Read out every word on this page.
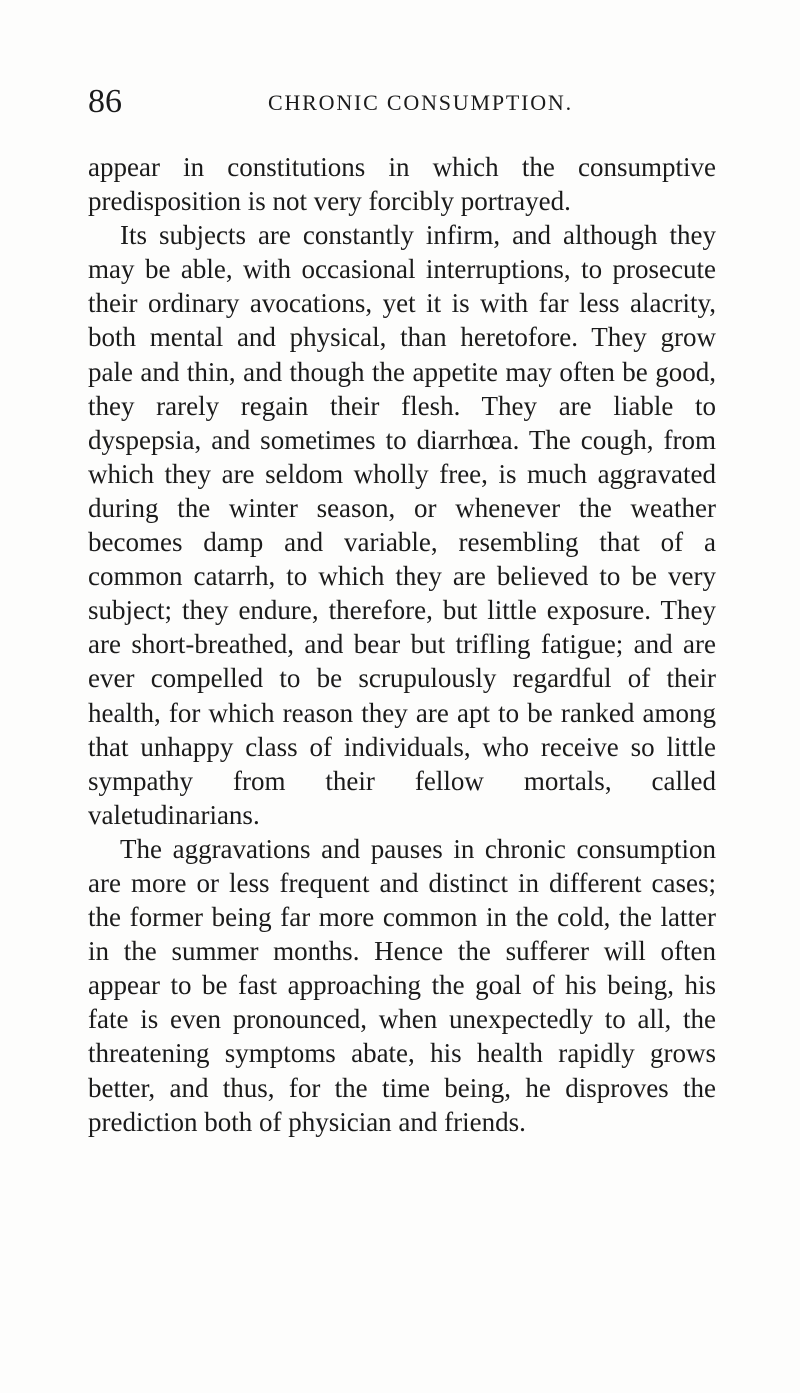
86	CHRONIC CONSUMPTION.

appear in constitutions in which the consumptive predisposition is not very forcibly portrayed.

Its subjects are constantly infirm, and although they may be able, with occasional interruptions, to prosecute their ordinary avocations, yet it is with far less alacrity, both mental and physical, than heretofore. They grow pale and thin, and though the appetite may often be good, they rarely regain their flesh. They are liable to dyspepsia, and sometimes to diarrhœa. The cough, from which they are seldom wholly free, is much aggravated during the winter season, or whenever the weather becomes damp and variable, resembling that of a common catarrh, to which they are believed to be very subject; they endure, therefore, but little exposure. They are short-breathed, and bear but trifling fatigue; and are ever compelled to be scrupulously regardful of their health, for which reason they are apt to be ranked among that unhappy class of individuals, who receive so little sympathy from their fellow mortals, called valetudinarians.

The aggravations and pauses in chronic consumption are more or less frequent and distinct in different cases; the former being far more common in the cold, the latter in the summer months. Hence the sufferer will often appear to be fast approaching the goal of his being, his fate is even pronounced, when unexpectedly to all, the threatening symptoms abate, his health rapidly grows better, and thus, for the time being, he disproves the prediction both of physician and friends.
